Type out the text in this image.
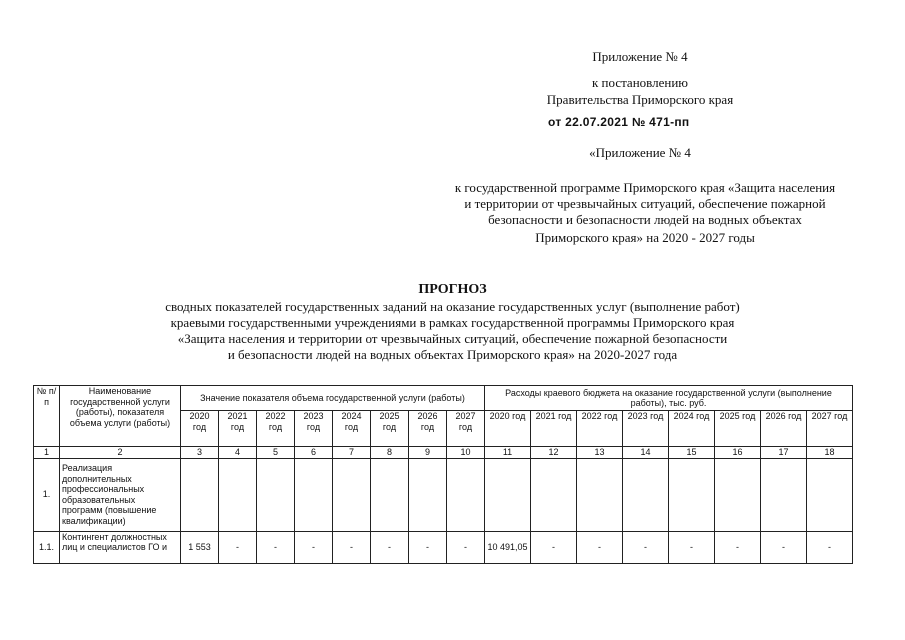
Приложение № 4
к постановлению
Правительства Приморского края
от 22.07.2021 № 471-пп
«Приложение № 4
к государственной программе Приморского края «Защита населения
и территории от чрезвычайных ситуаций, обеспечение пожарной
безопасности и безопасности людей на водных объектах
Приморского края» на 2020 - 2027 годы
ПРОГНОЗ
сводных показателей государственных заданий на оказание государственных услуг (выполнение работ)
краевыми государственными учреждениями в рамках государственной программы Приморского края
«Защита населения и территории от чрезвычайных ситуаций, обеспечение пожарной безопасности
и безопасности людей на водных объектах Приморского края» на 2020-2027 года
№ п/п	Наименование государственной услуги (работы), показателя объема услуги (работы)	Значение показателя объема государственной услуги (работы)								Расходы краевого бюджета на оказание государственной услуги (выполнение работы), тыс. руб.							
		2020 год	2021 год	2022 год	2023 год	2024 год	2025 год	2026 год	2027 год	2020 год	2021 год	2022 год	2023 год	2024 год	2025 год	2026 год	2027 год
1	2	3	4	5	6	7	8	9	10	11	12	13	14	15	16	17	18
1.	Реализация дополнительных профессиональных образовательных программ (повышение квалификации)																
1.1.	Контингент должностных лиц и специалистов ГО и	1 553	-	-	-	-	-	-	-	10 491,05	-	-	-	-	-	-	-
